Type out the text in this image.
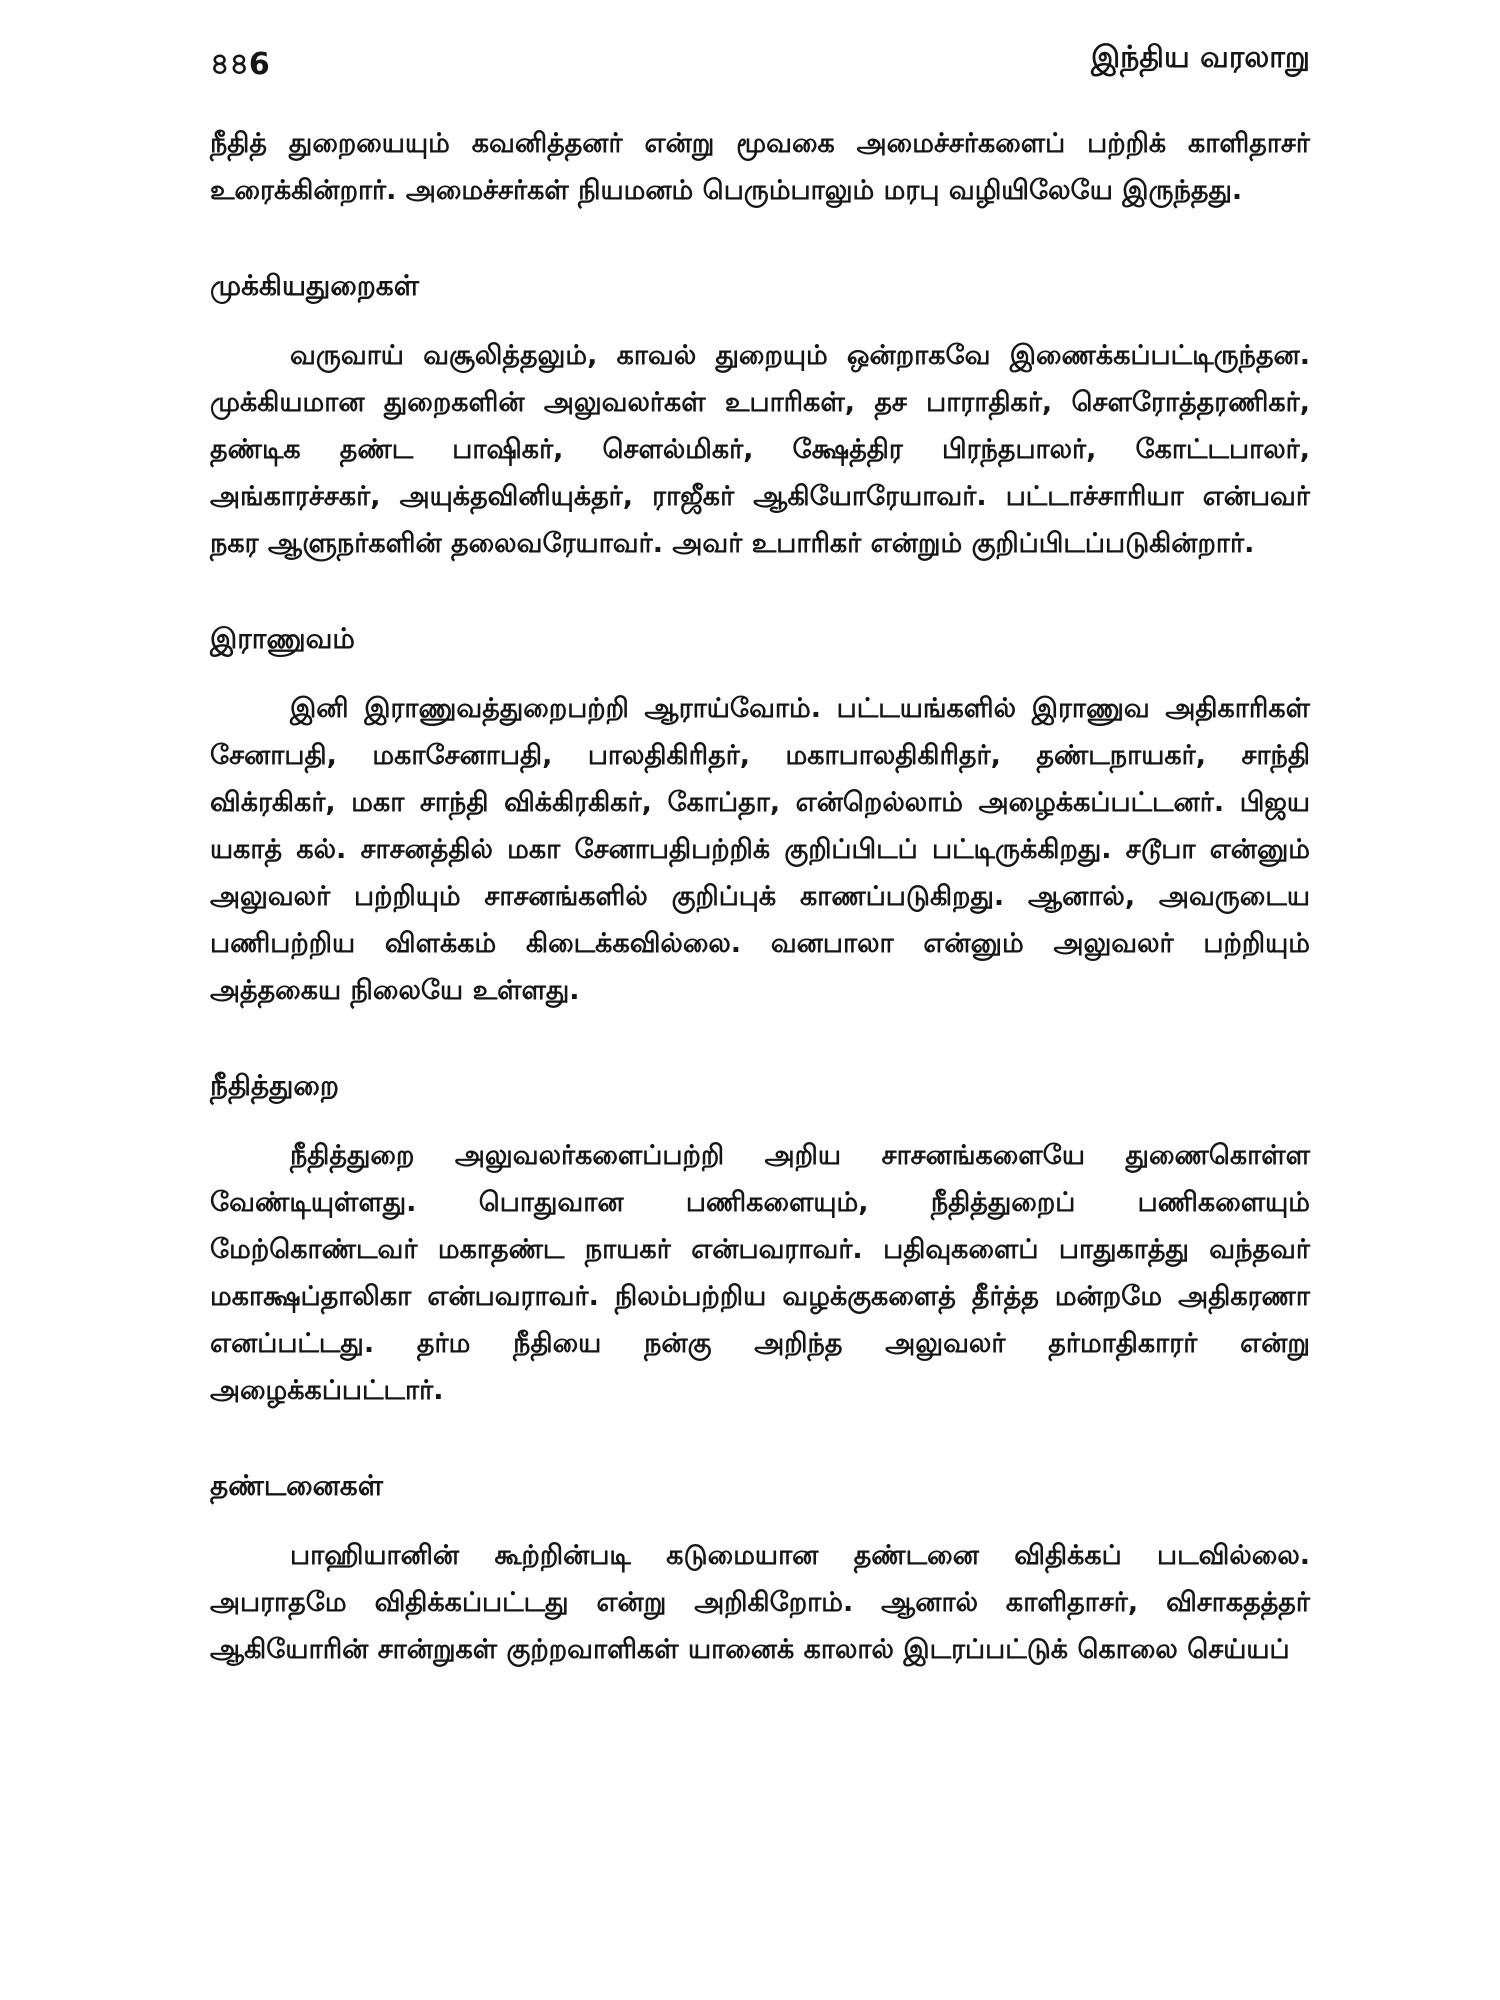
৪৪6	இந்திய வரலாறு

நீதித் துறையையும் கவனித்தனர் என்று மூவகை அமைச்சர்களைப் பற்றிக் காளிதாசர் உரைக்கின்றார். அமைச்சர்கள் நியமனம் பெரும்பாலும் மரபு வழியிலேயே இருந்தது.

முக்கியதுறைகள்

வருவாய் வசூலித்தலும், காவல் துறையும் ஒன்றாகவே இணைக்கப்பட்டிருந்தன. முக்கியமான துறைகளின் அலுவலர்கள் உபாரிகள், தச பாராதிகர், சௌரோத்தரணிகர், தண்டிக தண்ட பாஷிகர், சௌல்மிகர், க்ஷேத்திர பிரந்தபாலர், கோட்டபாலர், அங்காரச்சகர், அயுக்தவினியுக்தர், ராஜீகர் ஆகியோரேயாவர். பட்டாச்சாரியா என்பவர் நகர ஆளுநர்களின் தலைவரேயாவர். அவர் உபாரிகர் என்றும் குறிப்பிடப்படுகின்றார்.

இராணுவம்

இனி இராணுவத்துறைபற்றி ஆராய்வோம். பட்டயங்களில் இராணுவ அதிகாரிகள் சேனாபதி, மகாசேனாபதி, பாலதிகிரிதர், மகாபாலதிகிரிதர், தண்டநாயகர், சாந்தி விக்ரகிகர், மகா சாந்தி விக்கிரகிகர், கோப்தா, என்றெல்லாம் அழைக்கப்பட்டனர். பிஜய யகாத் கல். சாசனத்தில் மகா சேனாபதிபற்றிக் குறிப்பிடப் பட்டிருக்கிறது. சடூபா என்னும் அலுவலர் பற்றியும் சாசனங்களில் குறிப்புக் காணப்படுகிறது. ஆனால், அவருடைய பணிபற்றிய விளக்கம் கிடைக்கவில்லை. வனபாலா என்னும் அலுவலர் பற்றியும் அத்தகைய நிலையே உள்ளது.

நீதித்துறை

நீதித்துறை அலுவலர்களைப்பற்றி அறிய சாசனங்களையே துணைகொள்ள வேண்டியுள்ளது. பொதுவான பணிகளையும், நீதித்துறைப் பணிகளையும் மேற்கொண்டவர் மகாதண்ட நாயகர் என்பவராவர். பதிவுகளைப் பாதுகாத்து வந்தவர் மகாக்ஷப்தாலிகா என்பவராவர். நிலம்பற்றிய வழக்குகளைத் தீர்த்த மன்றமே அதிகரணா எனப்பட்டது. தர்ம நீதியை நன்கு அறிந்த அலுவலர் தர்மாதிகாரர் என்று அழைக்கப்பட்டார்.

தண்டனைகள்

பாஹியானின் கூற்றின்படி கடுமையான தண்டனை விதிக்கப் படவில்லை. அபராதமே விதிக்கப்பட்டது என்று அறிகிறோம். ஆனால் காளிதாசர், விசாகதத்தர் ஆகியோரின் சான்றுகள் குற்றவாளிகள் யானைக் காலால் இடரப்பட்டுக் கொலை செய்யப்
